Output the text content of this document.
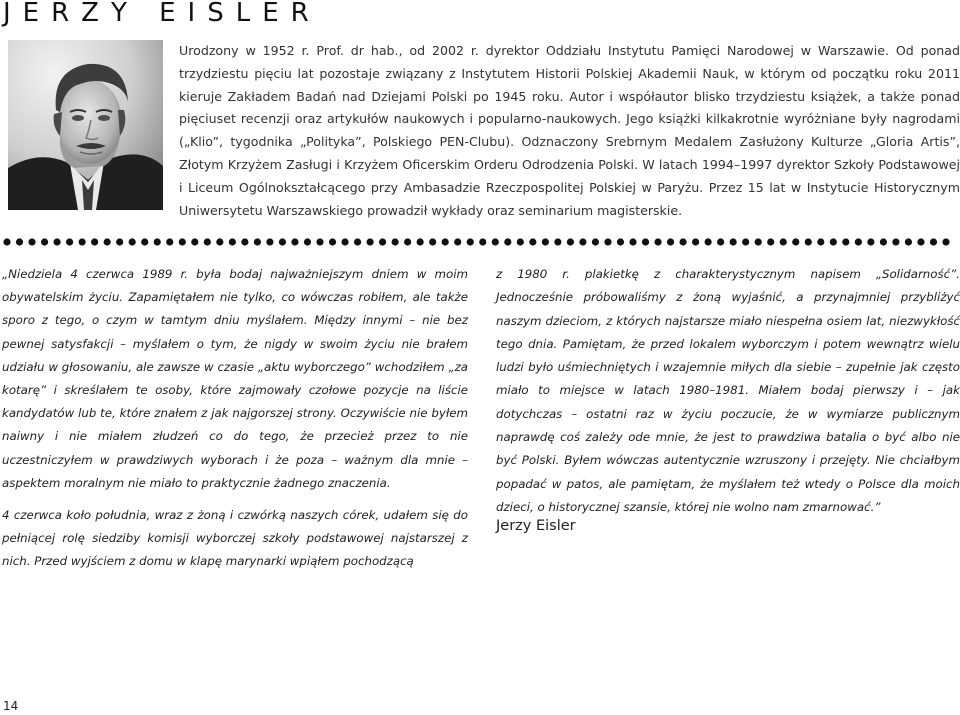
JERZY EISLER

Urodzony w 1952 r. Prof. dr hab., od 2002 r. dyrektor Oddziału Instytutu Pamięci Narodowej w Warszawie. Od ponad trzydziestu pięciu lat pozostaje związany z Instytutem Historii Polskiej Akademii Nauk, w którym od początku roku 2011 kieruje Zakładem Badań nad Dziejami Polski po 1945 roku. Autor i współautor blisko trzydziestu książek, a także ponad pięciuset recenzji oraz artykułów naukowych i popularno-naukowych. Jego książki kilkakrotnie wyróżniane były nagrodami („Klio”, tygodnika „Polityka”, Polskiego PEN-Clubu). Odznaczony Srebrnym Medalem Zasłużony Kulturze „Gloria Artis”, Złotym Krzyżem Zasługi i Krzyżem Oficerskim Orderu Odrodzenia Polski. W latach 1994–1997 dyrektor Szkoły Podstawowej i Liceum Ogólnokształcącego przy Ambasadzie Rzeczpospolitej Polskiej w Paryżu. Przez 15 lat w Instytucie Historycznym Uniwersytetu Warszawskiego prowadził wykłady oraz seminarium magisterskie.

„Niedziela 4 czerwca 1989 r. była bodaj najważniejszym dniem w moim obywatelskim życiu. Zapamiętałem nie tylko, co wówczas robiłem, ale także sporo z tego, o czym w tamtym dniu myślałem. Między innymi – nie bez pewnej satysfakcji – myślałem o tym, że nigdy w swoim życiu nie brałem udziału w głosowaniu, ale zawsze w czasie „aktu wyborczego” wchodziłem „za kotarę” i skreślałem te osoby, które zajmowały czołowe pozycje na liście kandydatów lub te, które znałem z jak najgorszej strony. Oczywiście nie byłem naiwny i nie miałem złudzeń co do tego, że przecież przez to nie uczestniczyłem w prawdziwych wyborach i że poza – ważnym dla mnie – aspektem moralnym nie miało to praktycznie żadnego znaczenia.

4 czerwca koło południa, wraz z żoną i czwórką naszych córek, udałem się do pełniącej rolę siedziby komisji wyborczej szkoły podstawowej najstarszej z nich. Przed wyjściem z domu w klapę marynarki wpiąłem pochodzącą

z 1980 r. plakietkę z charakterystycznym napisem „Solidarność”. Jednocześnie próbowaliśmy z żoną wyjaśnić, a przynajmniej przybliżyć naszym dzieciom, z których najstarsze miało niespełna osiem lat, niezwykłość tego dnia. Pamiętam, że przed lokalem wyborczym i potem wewnątrz wielu ludzi było uśmiechniętych i wzajemnie miłych dla siebie – zupełnie jak często miało to miejsce w latach 1980–1981. Miałem bodaj pierwszy i – jak dotychczas – ostatni raz w życiu poczucie, że w wymiarze publicznym naprawdę coś zależy ode mnie, że jest to prawdziwa batalia o być albo nie być Polski. Byłem wówczas autentycznie wzruszony i przejęty. Nie chciałbym popadać w patos, ale pamiętam, że myślałem też wtedy o Polsce dla moich dzieci, o historycznej szansie, której nie wolno nam zmarnować.”

Jerzy Eisler

14
